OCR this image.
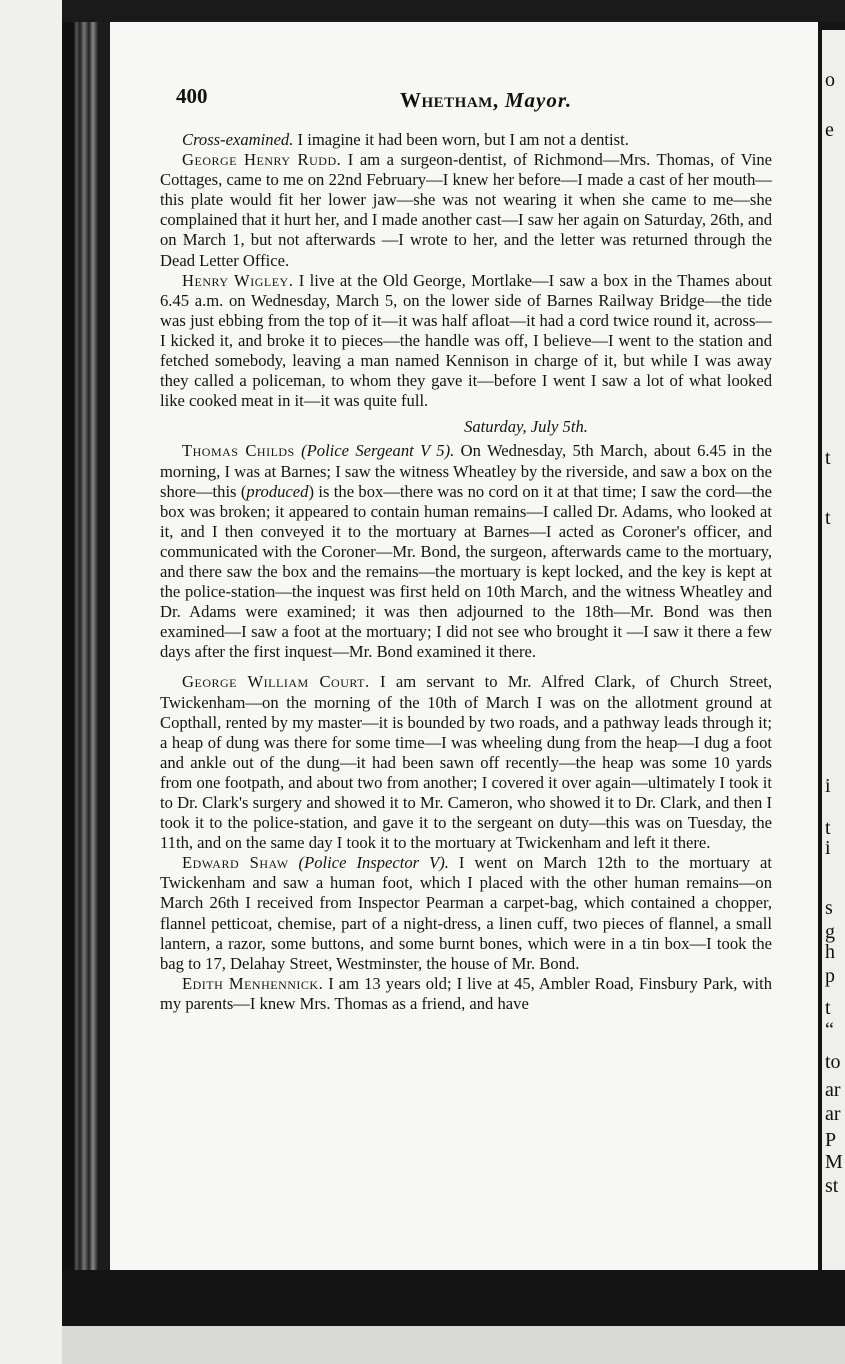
o
e
t
t
i
t
i
s
g
h
p
t
“
to
ar
ar
P
M
st
400	Whetham, Mayor.

Cross-examined. I imagine it had been worn, but I am not a dentist.

George Henry Rudd. I am a surgeon-dentist, of Richmond—Mrs. Thomas, of Vine Cottages, came to me on 22nd February—I knew her before—I made a cast of her mouth—this plate would fit her lower jaw—she was not wearing it when she came to me—she complained that it hurt her, and I made another cast—I saw her again on Saturday, 26th, and on March 1, but not afterwards —I wrote to her, and the letter was returned through the Dead Letter Office.

Henry Wigley. I live at the Old George, Mortlake—I saw a box in the Thames about 6.45 a.m. on Wednesday, March 5, on the lower side of Barnes Railway Bridge—the tide was just ebbing from the top of it—it was half afloat—it had a cord twice round it, across—I kicked it, and broke it to pieces—the handle was off, I believe—I went to the station and fetched somebody, leaving a man named Kennison in charge of it, but while I was away they called a policeman, to whom they gave it—before I went I saw a lot of what looked like cooked meat in it—it was quite full.

Saturday, July 5th.

Thomas Childs (Police Sergeant V 5). On Wednesday, 5th March, about 6.45 in the morning, I was at Barnes; I saw the witness Wheatley by the riverside, and saw a box on the shore—this (produced) is the box—there was no cord on it at that time; I saw the cord—the box was broken; it appeared to contain human remains—I called Dr. Adams, who looked at it, and I then conveyed it to the mortuary at Barnes—I acted as Coroner's officer, and communicated with the Coroner—Mr. Bond, the surgeon, afterwards came to the mortuary, and there saw the box and the remains—the mortuary is kept locked, and the key is kept at the police-station—the inquest was first held on 10th March, and the witness Wheatley and Dr. Adams were examined; it was then adjourned to the 18th—Mr. Bond was then examined—I saw a foot at the mortuary; I did not see who brought it —I saw it there a few days after the first inquest—Mr. Bond examined it there.

George William Court. I am servant to Mr. Alfred Clark, of Church Street, Twickenham—on the morning of the 10th of March I was on the allotment ground at Copthall, rented by my master—it is bounded by two roads, and a pathway leads through it; a heap of dung was there for some time—I was wheeling dung from the heap—I dug a foot and ankle out of the dung—it had been sawn off recently—the heap was some 10 yards from one footpath, and about two from another; I covered it over again—ultimately I took it to Dr. Clark's surgery and showed it to Mr. Cameron, who showed it to Dr. Clark, and then I took it to the police-station, and gave it to the sergeant on duty—this was on Tuesday, the 11th, and on the same day I took it to the mortuary at Twickenham and left it there.

Edward Shaw (Police Inspector V). I went on March 12th to the mortuary at Twickenham and saw a human foot, which I placed with the other human remains—on March 26th I received from Inspector Pearman a carpet-bag, which contained a chopper, flannel petticoat, chemise, part of a night-dress, a linen cuff, two pieces of flannel, a small lantern, a razor, some buttons, and some burnt bones, which were in a tin box—I took the bag to 17, Delahay Street, Westminster, the house of Mr. Bond.

Edith Menhennick. I am 13 years old; I live at 45, Ambler Road, Finsbury Park, with my parents—I knew Mrs. Thomas as a friend, and have
